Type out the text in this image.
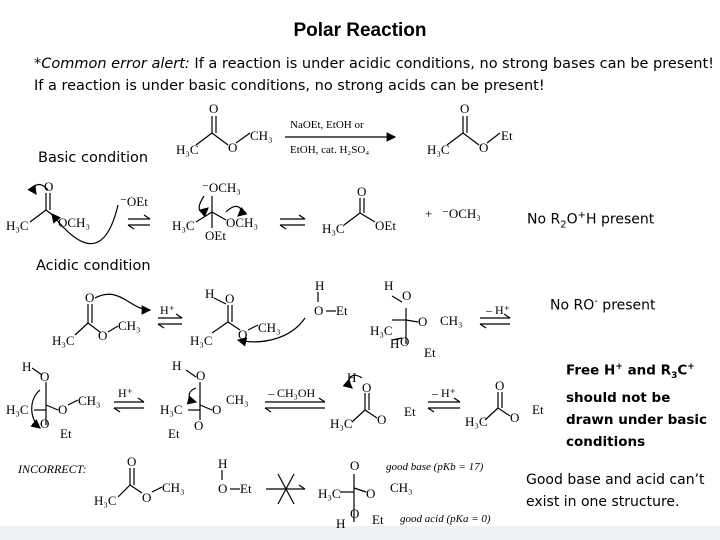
Polar Reaction
*Common error alert: If a reaction is under acidic conditions, no strong bases can be present!
If a reaction is under basic conditions, no strong acids can be present!
Basic condition
Acidic condition
No $R_2O^+H$ present
No RO- present
Free H+ and $R_3C^+$
should not be
drawn under basic
conditions
Good base and acid can’t
exist in one structure.
H₃C
O
O
CH₃
NaOEt, EtOH or
EtOH, cat. H₂SO₄	H₃C
O
O
Et
H₃C
O
OCH₃
⁻OEt
H₃C
⁻OCH₃
OCH₃
OEt	H₃C
O
OEt
+ ⁻OCH₃
H₃C
O
O
CH₃
H⁺
H O
H₃C O CH₃
H
O Et
H
O
H₃C
O CH₃
H O
Et
– H⁺
H
O
H₃C O
CH₃
O
Et
H⁺
H
O
H₃C O
CH₃
O
Et
– CH₃OH
H
O
H₃C O
Et
– H⁺
H₃C
O
O
Et
INCORRECT:
H₃C
O
O
CH₃
H
O Et
O
H₃C O CH₃
O Et
H
good base (pKb = 17)
good acid (pKa = 0)
